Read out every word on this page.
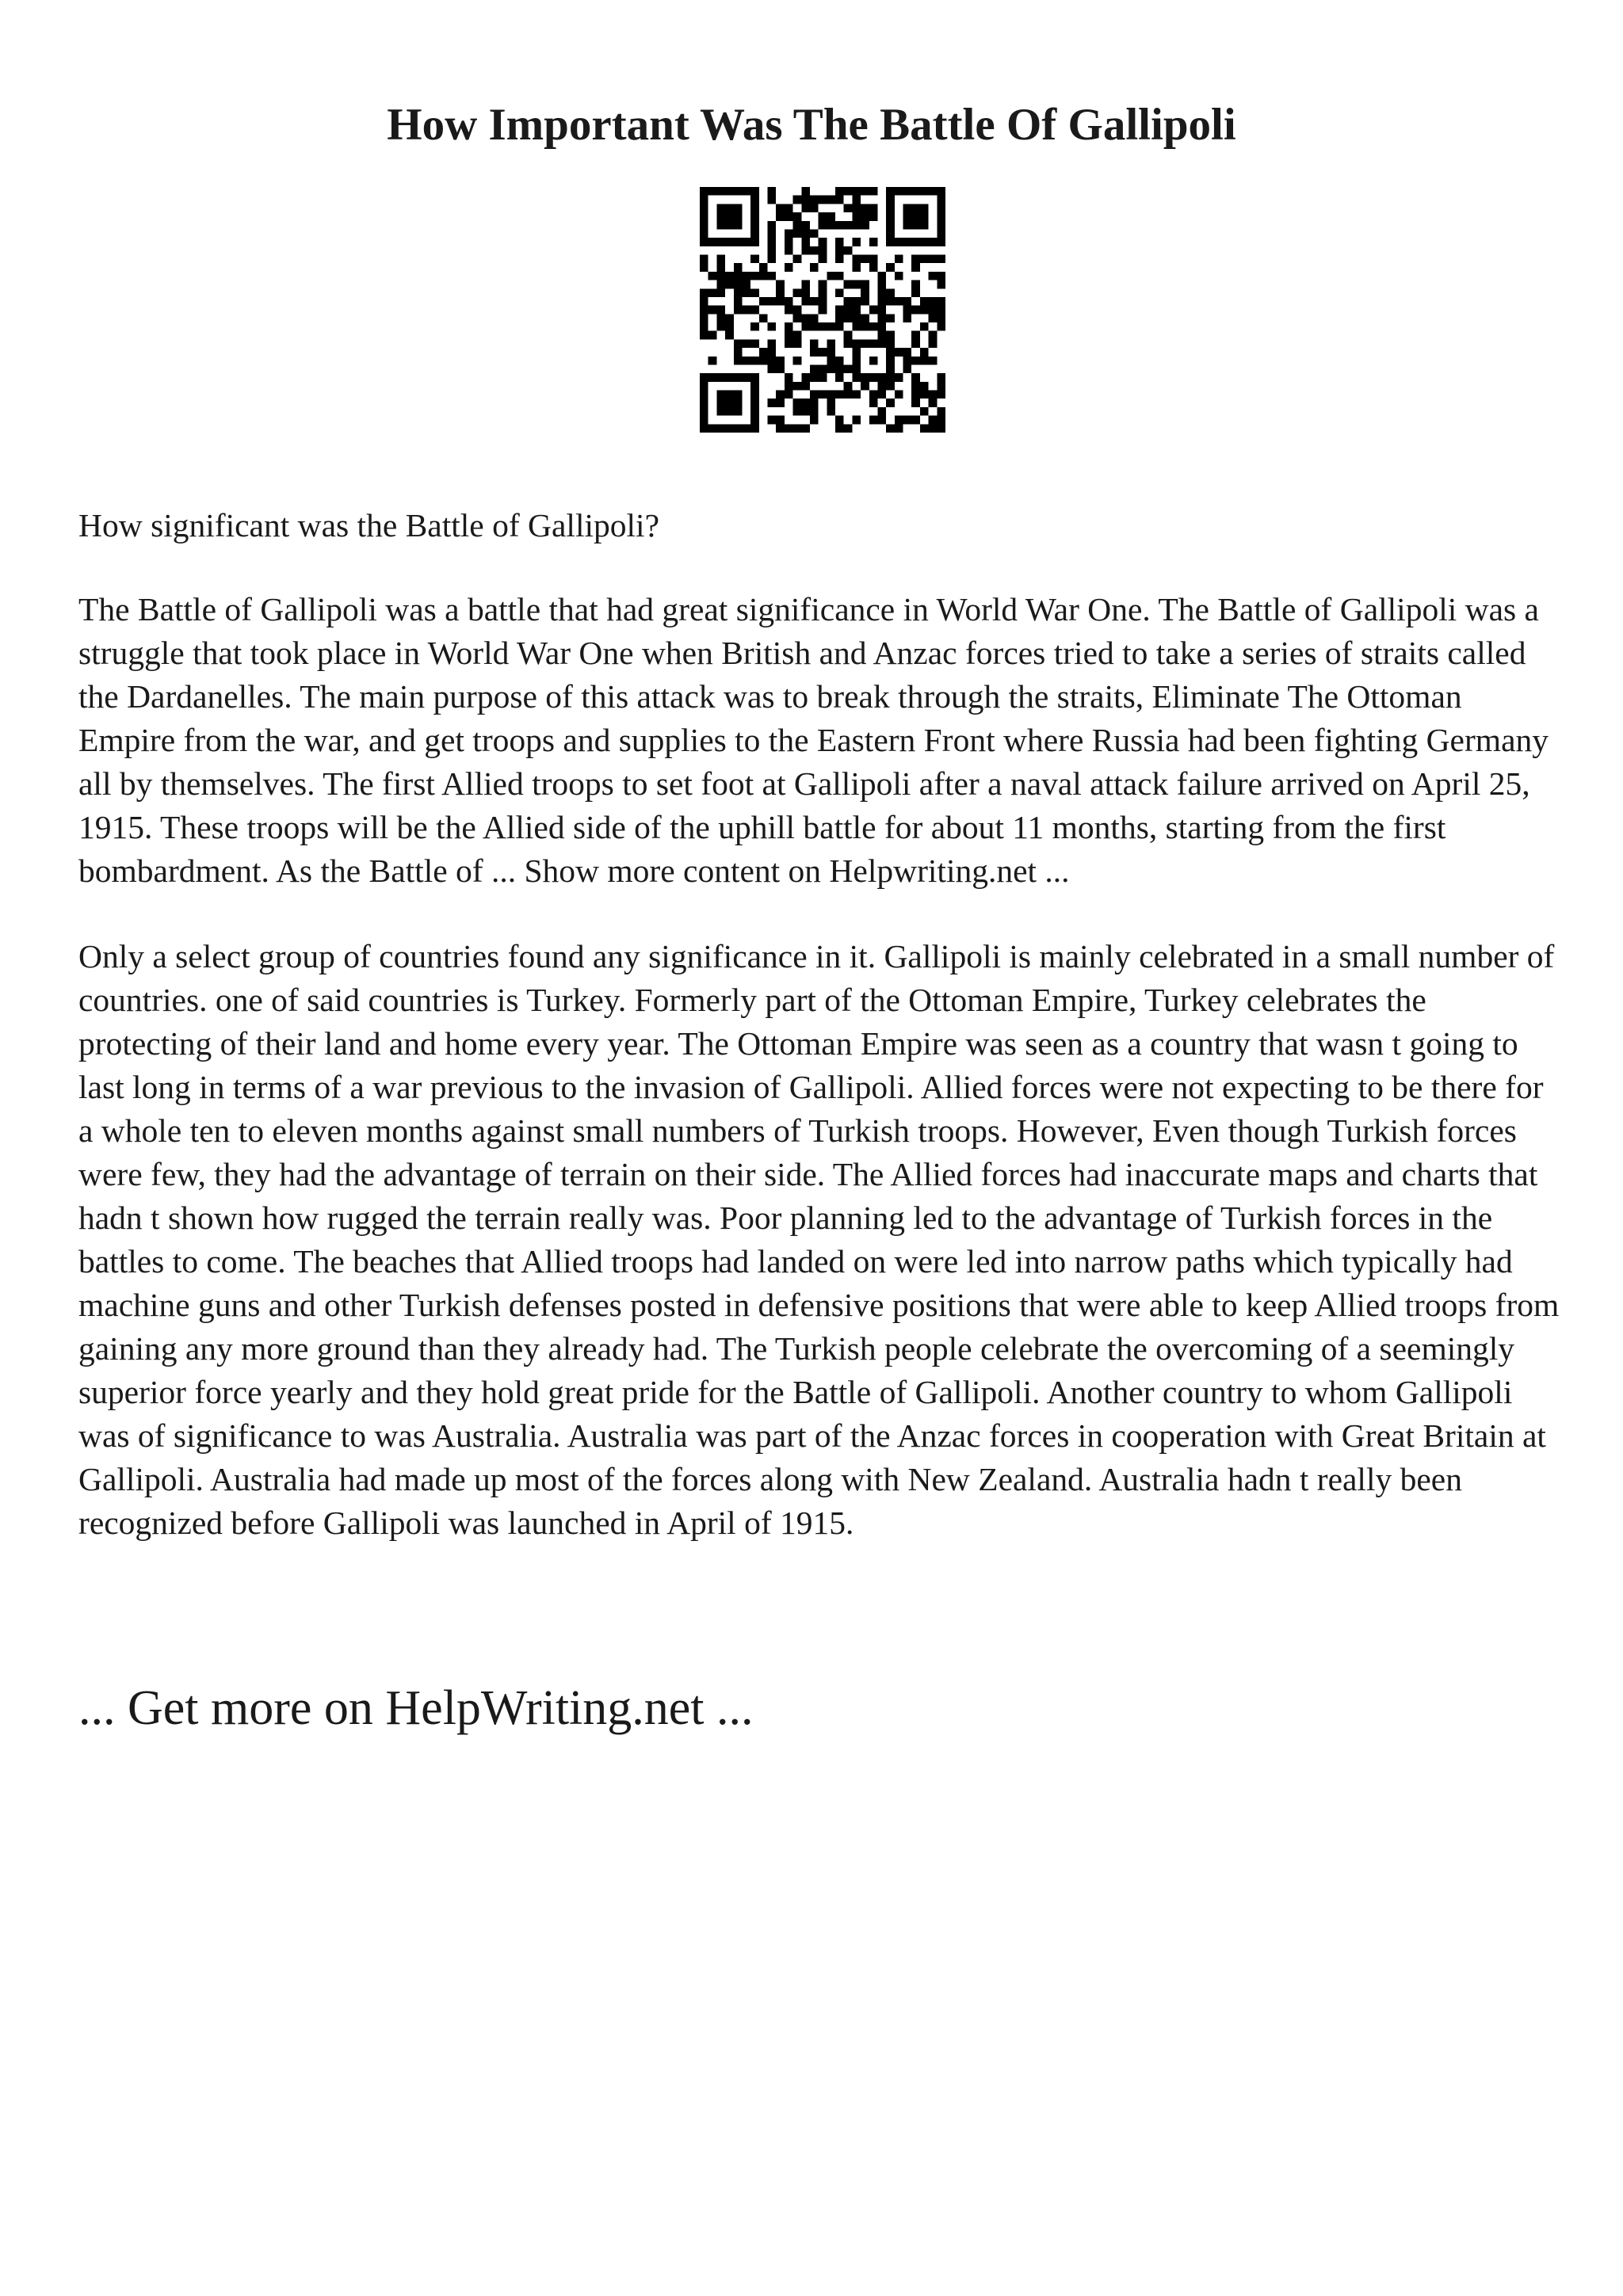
How Important Was The Battle Of Gallipoli

How significant was the Battle of Gallipoli?

The Battle of Gallipoli was a battle that had great significance in World War One. The Battle of Gallipoli was a struggle that took place in World War One when British and Anzac forces tried to take a series of straits called the Dardanelles. The main purpose of this attack was to break through the straits, Eliminate The Ottoman Empire from the war, and get troops and supplies to the Eastern Front where Russia had been fighting Germany all by themselves. The first Allied troops to set foot at Gallipoli after a naval attack failure arrived on April 25, 1915. These troops will be the Allied side of the uphill battle for about 11 months, starting from the first bombardment. As the Battle of ... Show more content on Helpwriting.net ...

Only a select group of countries found any significance in it. Gallipoli is mainly celebrated in a small number of countries. one of said countries is Turkey. Formerly part of the Ottoman Empire, Turkey celebrates the protecting of their land and home every year. The Ottoman Empire was seen as a country that wasn t going to last long in terms of a war previous to the invasion of Gallipoli. Allied forces were not expecting to be there for a whole ten to eleven months against small numbers of Turkish troops. However, Even though Turkish forces were few, they had the advantage of terrain on their side. The Allied forces had inaccurate maps and charts that hadn t shown how rugged the terrain really was. Poor planning led to the advantage of Turkish forces in the battles to come. The beaches that Allied troops had landed on were led into narrow paths which typically had machine guns and other Turkish defenses posted in defensive positions that were able to keep Allied troops from gaining any more ground than they already had. The Turkish people celebrate the overcoming of a seemingly superior force yearly and they hold great pride for the Battle of Gallipoli. Another country to whom Gallipoli was of significance to was Australia. Australia was part of the Anzac forces in cooperation with Great Britain at Gallipoli. Australia had made up most of the forces along with New Zealand. Australia hadn t really been recognized before Gallipoli was launched in April of 1915.

... Get more on HelpWriting.net ...
